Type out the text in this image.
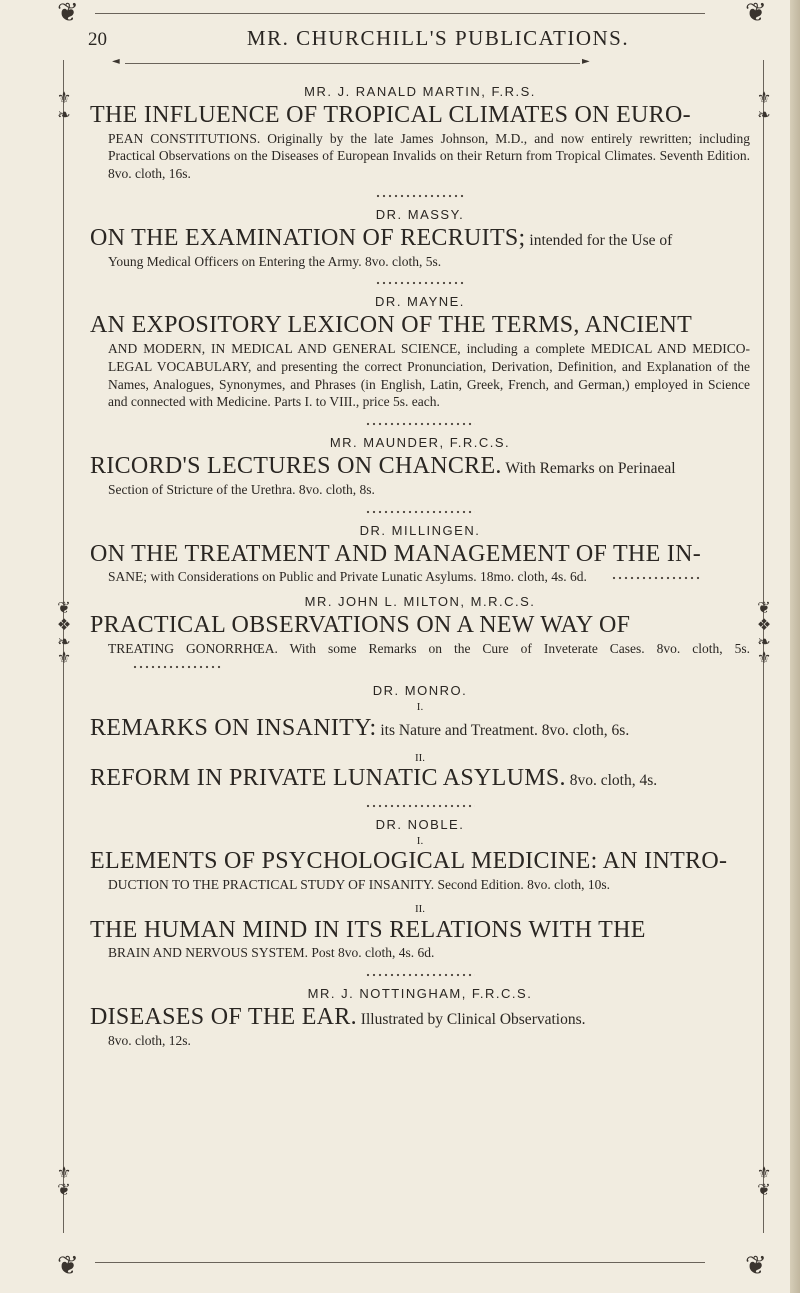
❦	❦
❦	❦
⚜
❧
⚜
❧
❦
❖
❧
⚜
❦
❖
❧
⚜
⚜
❦
⚜
❦
20	MR. CHURCHILL'S PUBLICATIONS.
◄	►
MR. J. RANALD MARTIN, F.R.S.
THE INFLUENCE OF TROPICAL CLIMATES ON EURO-
PEAN CONSTITUTIONS. Originally by the late James Johnson, M.D., and now entirely rewritten; including Practical Observations on the Diseases of European Invalids on their Return from Tropical Climates. Seventh Edition. 8vo. cloth, 16s.
DR. MASSY.
ON THE EXAMINATION OF RECRUITS; intended for the Use of
Young Medical Officers on Entering the Army. 8vo. cloth, 5s.
DR. MAYNE.
AN EXPOSITORY LEXICON OF THE TERMS, ANCIENT
AND MODERN, IN MEDICAL AND GENERAL SCIENCE, including a complete MEDICAL AND MEDICO-LEGAL VOCABULARY, and presenting the correct Pronunciation, Derivation, Definition, and Explanation of the Names, Analogues, Synonymes, and Phrases (in English, Latin, Greek, French, and German,) employed in Science and connected with Medicine. Parts I. to VIII., price 5s. each.
MR. MAUNDER, F.R.C.S.
RICORD'S LECTURES ON CHANCRE. With Remarks on Perinaeal
Section of Stricture of the Urethra. 8vo. cloth, 8s.
DR. MILLINGEN.
ON THE TREATMENT AND MANAGEMENT OF THE IN-
SANE; with Considerations on Public and Private Lunatic Asylums. 18mo. cloth, 4s. 6d.
MR. JOHN L. MILTON, M.R.C.S.
PRACTICAL OBSERVATIONS ON A NEW WAY OF
TREATING GONORRHŒA. With some Remarks on the Cure of Inveterate Cases. 8vo. cloth, 5s.
DR. MONRO.
I.
REMARKS ON INSANITY: its Nature and Treatment. 8vo. cloth, 6s.
II.
REFORM IN PRIVATE LUNATIC ASYLUMS. 8vo. cloth, 4s.
DR. NOBLE.
I.
ELEMENTS OF PSYCHOLOGICAL MEDICINE: AN INTRO-
DUCTION TO THE PRACTICAL STUDY OF INSANITY. Second Edition. 8vo. cloth, 10s.
II.
THE HUMAN MIND IN ITS RELATIONS WITH THE
BRAIN AND NERVOUS SYSTEM. Post 8vo. cloth, 4s. 6d.
MR. J. NOTTINGHAM, F.R.C.S.
DISEASES OF THE EAR. Illustrated by Clinical Observations.
8vo. cloth, 12s.
